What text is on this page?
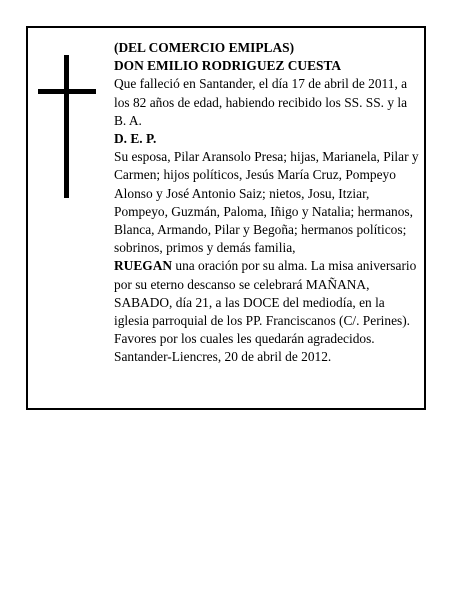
(DEL COMERCIO EMIPLAS)

DON EMILIO RODRIGUEZ CUESTA

Que falleció en Santander, el día 17 de abril de 2011, a los 82 años de edad, habiendo recibido los SS. SS. y la B. A.

D. E. P.

Su esposa, Pilar Aransolo Presa; hijas, Marianela, Pilar y Carmen; hijos políticos, Jesús María Cruz, Pompeyo Alonso y José Antonio Saiz; nietos, Josu, Itziar, Pompeyo, Guzmán, Paloma, Iñigo y Natalia; hermanos, Blanca, Armando, Pilar y Begoña; hermanos políticos; sobrinos, primos y demás familia,

RUEGAN una oración por su alma. La misa aniversario por su eterno descanso se celebrará MAÑANA, SABADO, día 21, a las DOCE del mediodía, en la iglesia parroquial de los PP. Franciscanos (C/. Perines). Favores por los cuales les quedarán agradecidos.

Santander-Liencres, 20 de abril de 2012.
